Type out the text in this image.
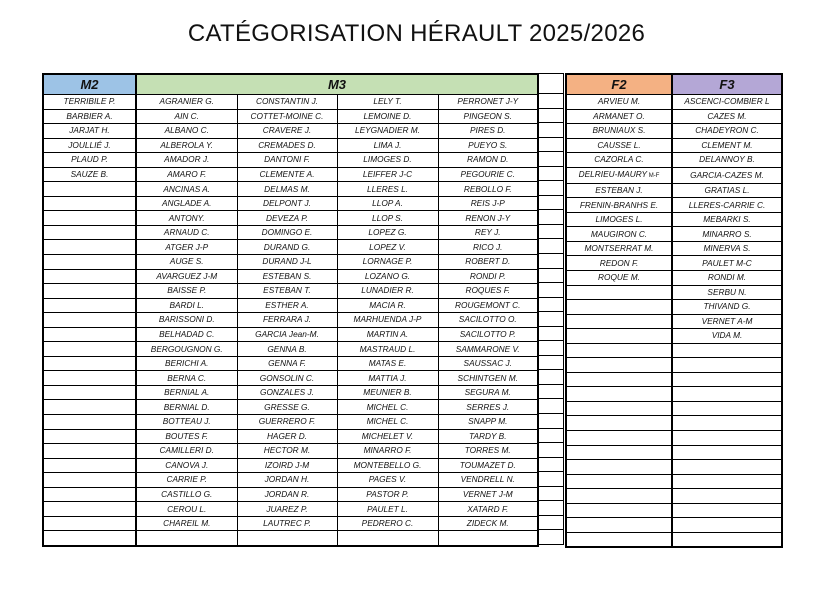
CATÉGORISATION HÉRAULT 2025/2026
M2	M3			
TERRIBILE P.	AGRANIER G.	CONSTANTIN J.	LELY T.	PERRONET J-Y
BARBIER A.	AIN C.	COTTET-MOINE C.	LEMOINE D.	PINGEON S.
JARJAT H.	ALBANO C.	CRAVERE J.	LEYGNADIER M.	PIRES D.
JOULLIÉ J.	ALBEROLA Y.	CREMADES D.	LIMA J.	PUEYO S.
PLAUD P.	AMADOR J.	DANTONI F.	LIMOGES D.	RAMON D.
SAUZE B.	AMARO F.	CLEMENTE A.	LEIFFER J-C	PEGOURIE C.
	ANCINAS A.	DELMAS M.	LLERES L.	REBOLLO F.
	ANGLADE A.	DELPONT J.	LLOP A.	REIS J-P
	ANTONY.	DEVEZA P.	LLOP S.	RENON J-Y
	ARNAUD C.	DOMINGO E.	LOPEZ G.	REY J.
	ATGER J-P	DURAND G.	LOPEZ V.	RICO J.
	AUGE S.	DURAND J-L	LORNAGE P.	ROBERT D.
	AVARGUEZ J-M	ESTEBAN S.	LOZANO G.	RONDI P.
	BAISSE P.	ESTEBAN T.	LUNADIER R.	ROQUES F.
	BARDI L.	ESTHER A.	MACIA R.	ROUGEMONT C.
	BARISSONI D.	FERRARA J.	MARHUENDA J-P	SACILOTTO O.
	BELHADAD C.	GARCIA Jean-M.	MARTIN A.	SACILOTTO P.
	BERGOUGNON G.	GENNA B.	MASTRAUD L.	SAMMARONE V.
	BERICHI A.	GENNA F.	MATAS E.	SAUSSAC J.
	BERNA C.	GONSOLIN C.	MATTIA J.	SCHINTGEN M.
	BERNIAL A.	GONZALES J.	MEUNIER B.	SEGURA M.
	BERNIAL D.	GRESSE G.	MICHEL C.	SERRES J.
	BOTTEAU J.	GUERRERO F.	MICHEL C.	SNAPP M.
	BOUTES F.	HAGER D.	MICHELET V.	TARDY B.
	CAMILLERI D.	HECTOR M.	MINARRO F.	TORRES M.
	CANOVA J.	IZOIRD J-M	MONTEBELLO G.	TOUMAZET D.
	CARRIE P.	JORDAN H.	PAGES V.	VENDRELL N.
	CASTILLO G.	JORDAN R.	PASTOR P.	VERNET J-M
	CEROU L.	JUAREZ P.	PAULET L.	XATARD F.
	CHAREIL M.	LAUTREC P.	PEDRERO C.	ZIDECK M.

F2	F3
ARVIEU M.	ASCENCI-COMBIER L
ARMANET O.	CAZES M.
BRUNIAUX S.	CHADEYRON C.
CAUSSE L.	CLEMENT M.
CAZORLA C.	DELANNOY B.
DELRIEU-MAURY M-F	GARCIA-CAZES M.
ESTEBAN J.	GRATIAS L.
FRENIN-BRANHS E.	LLERES-CARRIE C.
LIMOGES L.	MEBARKI S.
MAUGIRON C.	MINARRO S.
MONTSERRAT M.	MINERVA S.
REDON F.	PAULET M-C
ROQUE M.	RONDI M.
	SERBU N.
	THIVAND G.
	VERNET A-M
	VIDA M.
